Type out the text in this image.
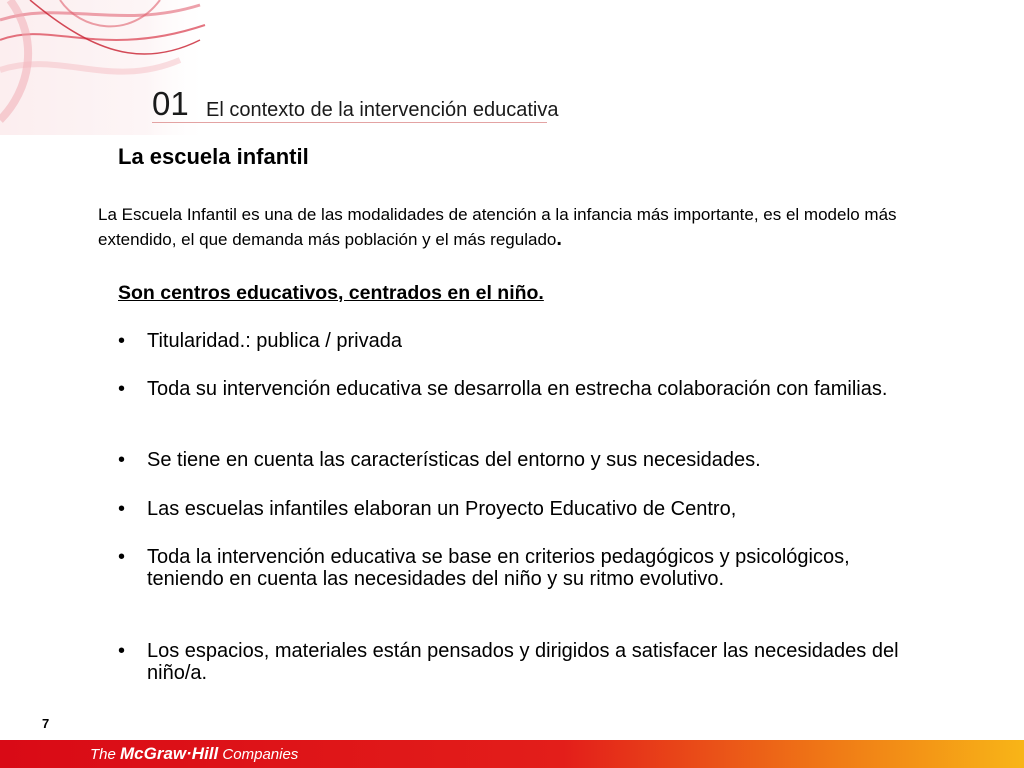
01 El contexto de la intervención educativa
La escuela infantil
La Escuela Infantil es una de las modalidades de atención a la infancia más importante, es el modelo más extendido, el que demanda más población y el más regulado.
Son centros educativos, centrados en el niño.
• Titularidad.: publica / privada
• Toda su intervención educativa se desarrolla en estrecha colaboración con familias.
• Se tiene en cuenta las características del entorno y sus necesidades.
• Las escuelas infantiles elaboran un Proyecto Educativo de Centro,
• Toda la intervención educativa se base en criterios pedagógicos y psicológicos, teniendo en cuenta las necesidades del niño y su ritmo evolutivo.
• Los espacios, materiales están pensados y dirigidos a satisfacer las necesidades del niño/a.
7
The McGraw·Hill Companies
